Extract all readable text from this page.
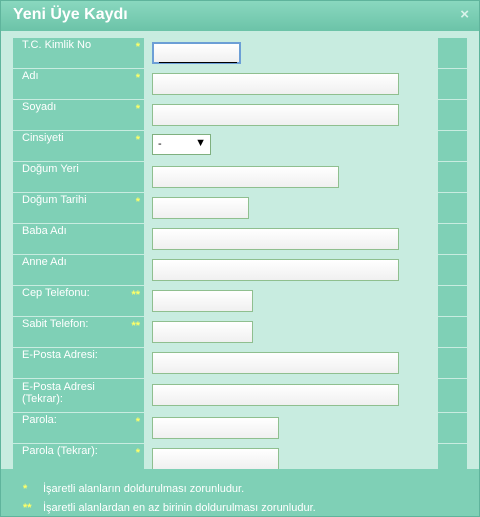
Yeni Üye Kaydı	×
T.C. Kimlik No	*
Adı	*
Soyadı	*
Cinsiyeti	* -	▼
Doğum Yeri
Doğum Tarihi	*
Baba Adı
Anne Adı
Cep Telefonu:	**
Sabit Telefon:	**
E-Posta Adresi:
E-Posta Adresi (Tekrar):
Parola:	*
Parola (Tekrar):	*
* İşaretli alanların doldurulması zorunludur.
** İşaretli alanlardan en az birinin doldurulması zorunludur.
